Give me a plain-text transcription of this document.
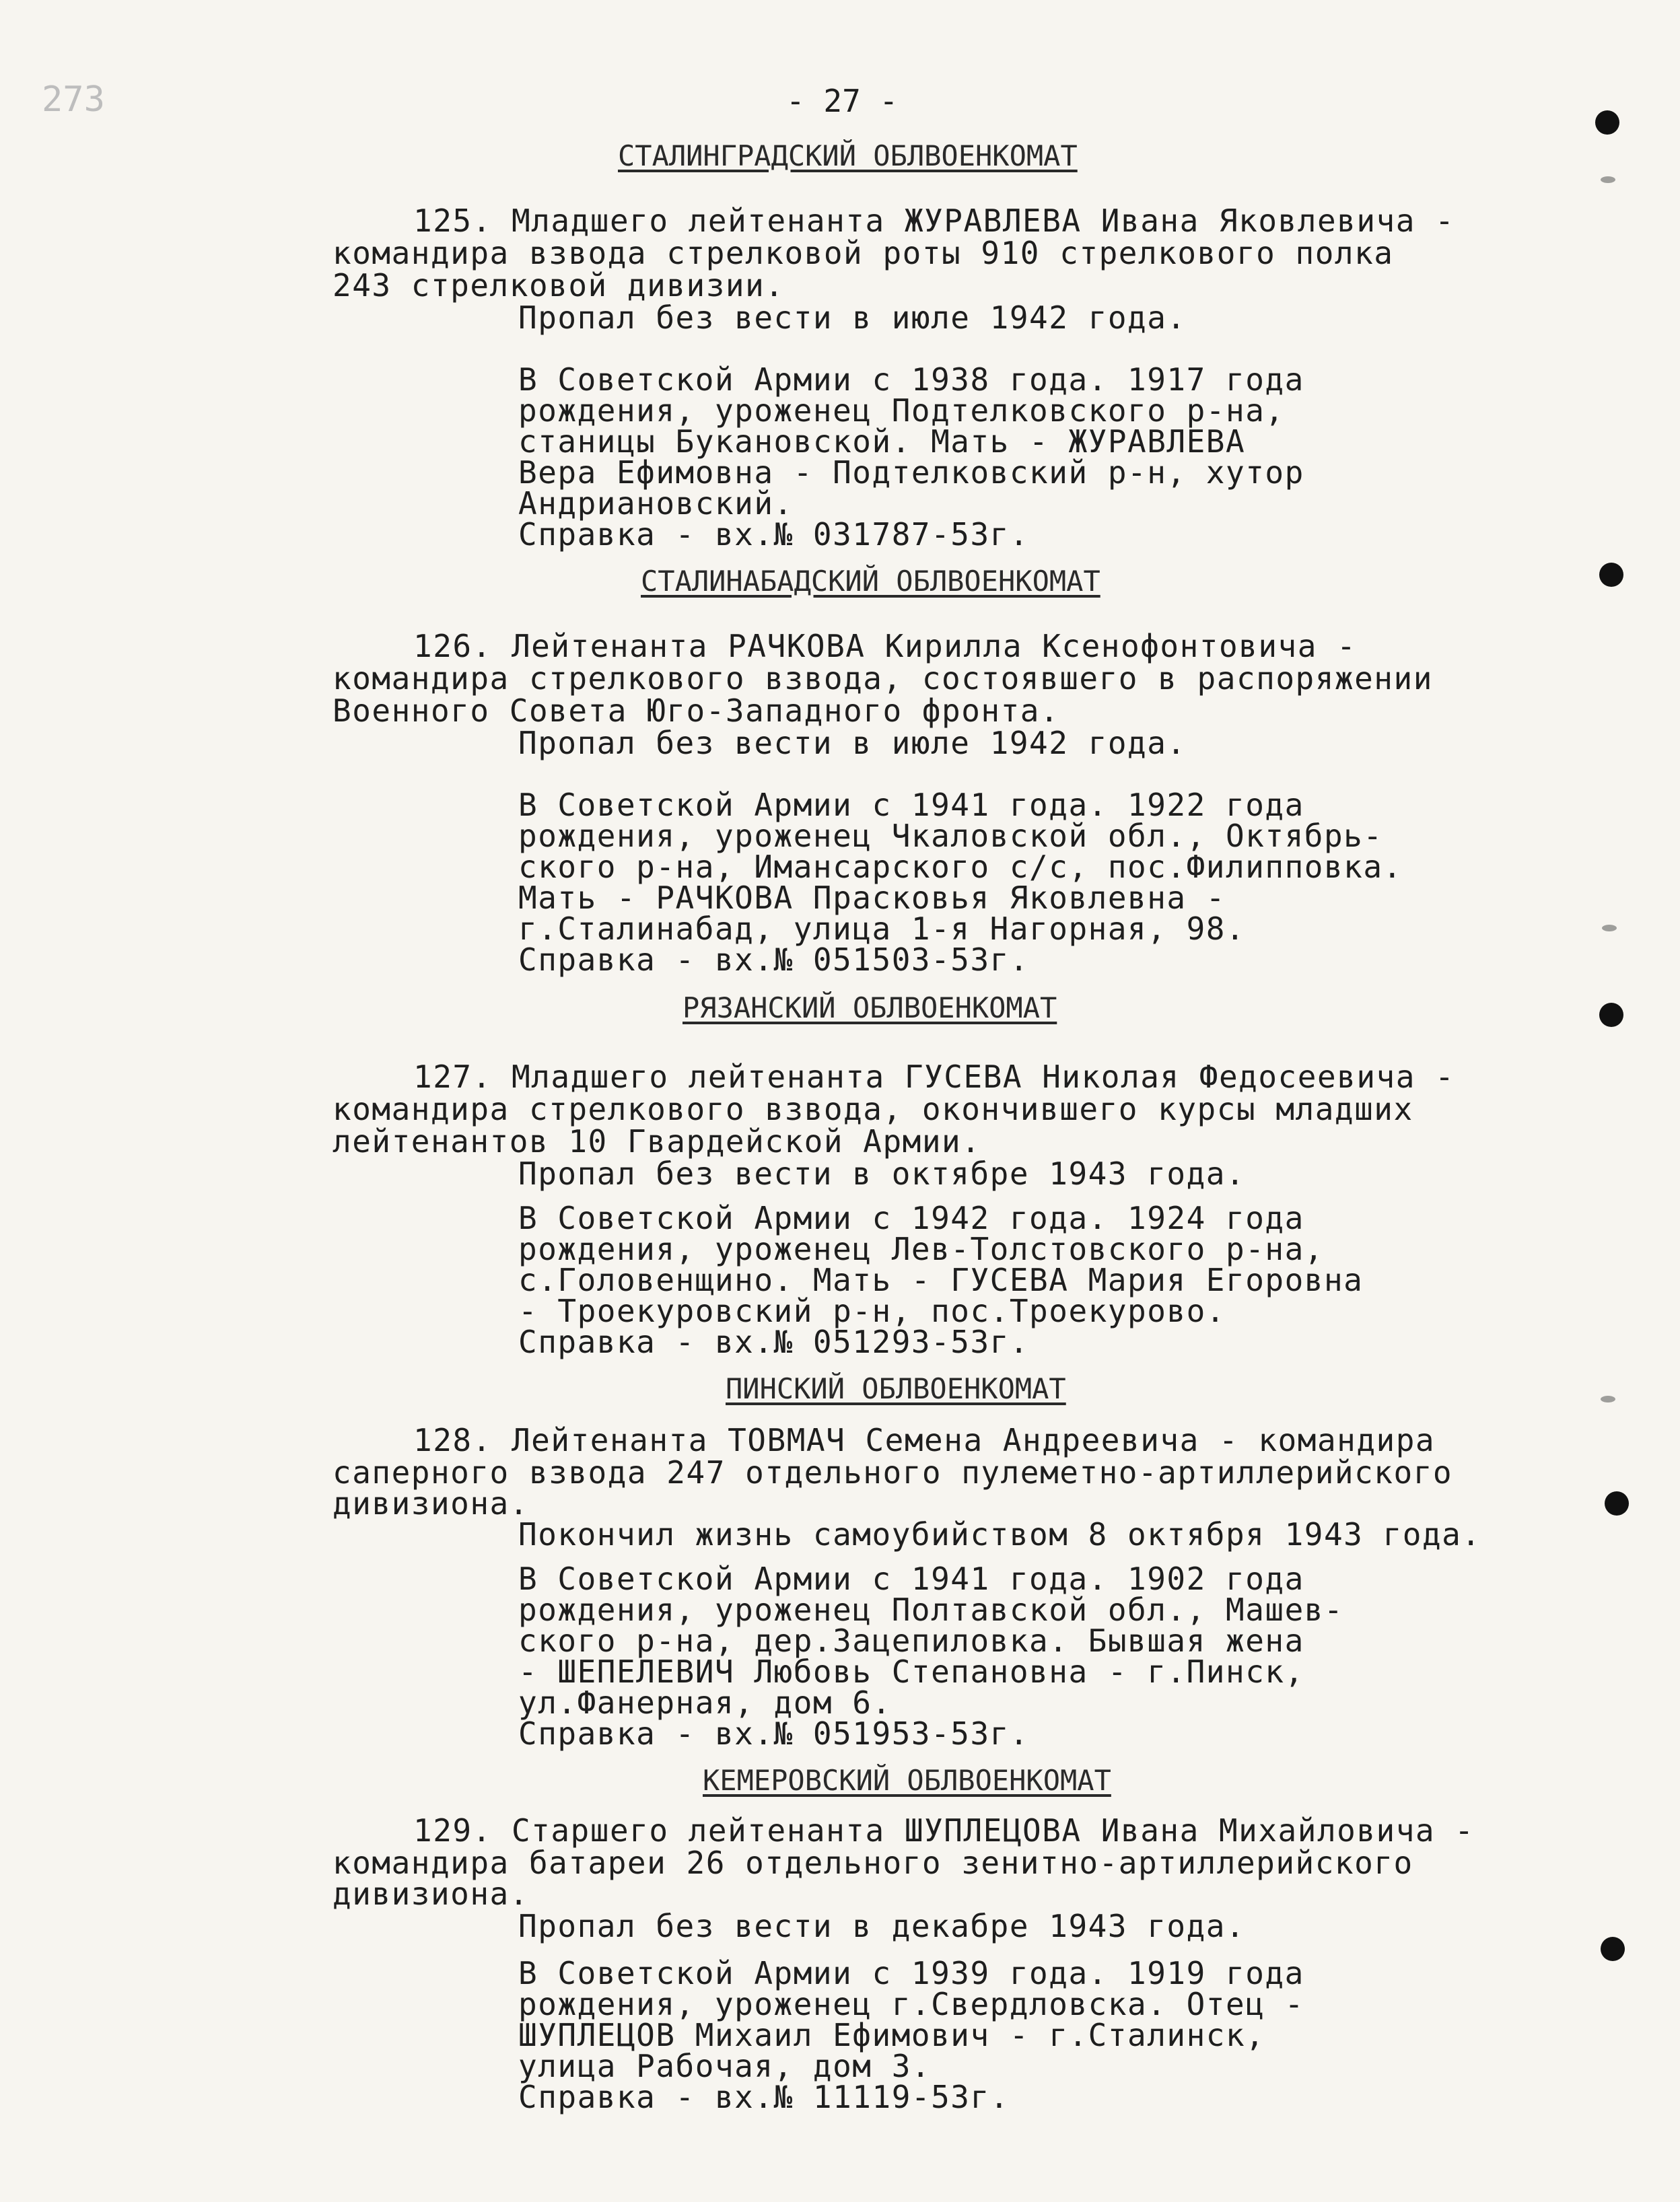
273	- 27 -
СТАЛИНГРАДСКИЙ ОБЛВОЕНКОМАТ
125. Младшего лейтенанта ЖУРАВЛЕВА Ивана Яковлевича -
командира взвода стрелковой роты 910 стрелкового полка
243 стрелковой дивизии.
Пропал без вести в июле 1942 года.
В Советской Армии с 1938 года. 1917 года
рождения, уроженец Подтелковского р-на,
станицы Букановской. Мать - ЖУРАВЛЕВА
Вера Ефимовна - Подтелковский р-н, хутор
Андриановский.
Справка - вх.№ 031787-53г.
СТАЛИНАБАДСКИЙ ОБЛВОЕНКОМАТ
126. Лейтенанта РАЧКОВА Кирилла Ксенофонтовича -
командира стрелкового взвода, состоявшего в распоряжении
Военного Совета Юго-Западного фронта.
Пропал без вести в июле 1942 года.
В Советской Армии с 1941 года. 1922 года
рождения, уроженец Чкаловской обл., Октябрь-
ского р-на, Имансарского с/с, пос.Филипповка.
Мать - РАЧКОВА Прасковья Яковлевна -
г.Сталинабад, улица 1-я Нагорная, 98.
Справка - вх.№ 051503-53г.
РЯЗАНСКИЙ ОБЛВОЕНКОМАТ
127. Младшего лейтенанта ГУСЕВА Николая Федосеевича -
командира стрелкового взвода, окончившего курсы младших
лейтенантов 10 Гвардейской Армии.
Пропал без вести в октябре 1943 года.
В Советской Армии с 1942 года. 1924 года
рождения, уроженец Лев-Толстовского р-на,
с.Головенщино. Мать - ГУСЕВА Мария Егоровна
- Троекуровский р-н, пос.Троекурово.
Справка - вх.№ 051293-53г.
ПИНСКИЙ ОБЛВОЕНКОМАТ
128. Лейтенанта ТОВМАЧ Семена Андреевича - командира
саперного взвода 247 отдельного пулеметно-артиллерийского
дивизиона.
Покончил жизнь самоубийством 8 октября 1943 года.
В Советской Армии с 1941 года. 1902 года
рождения, уроженец Полтавской обл., Машев-
ского р-на, дер.Зацепиловка. Бывшая жена
- ШЕПЕЛЕВИЧ Любовь Степановна - г.Пинск,
ул.Фанерная, дом 6.
Справка - вх.№ 051953-53г.
КЕМЕРОВСКИЙ ОБЛВОЕНКОМАТ
129. Старшего лейтенанта ШУПЛЕЦОВА Ивана Михайловича -
командира батареи 26 отдельного зенитно-артиллерийского
дивизиона.
Пропал без вести в декабре 1943 года.
В Советской Армии с 1939 года. 1919 года
рождения, уроженец г.Свердловска. Отец -
ШУПЛЕЦОВ Михаил Ефимович - г.Сталинск,
улица Рабочая, дом 3.
Справка - вх.№ 11119-53г.
